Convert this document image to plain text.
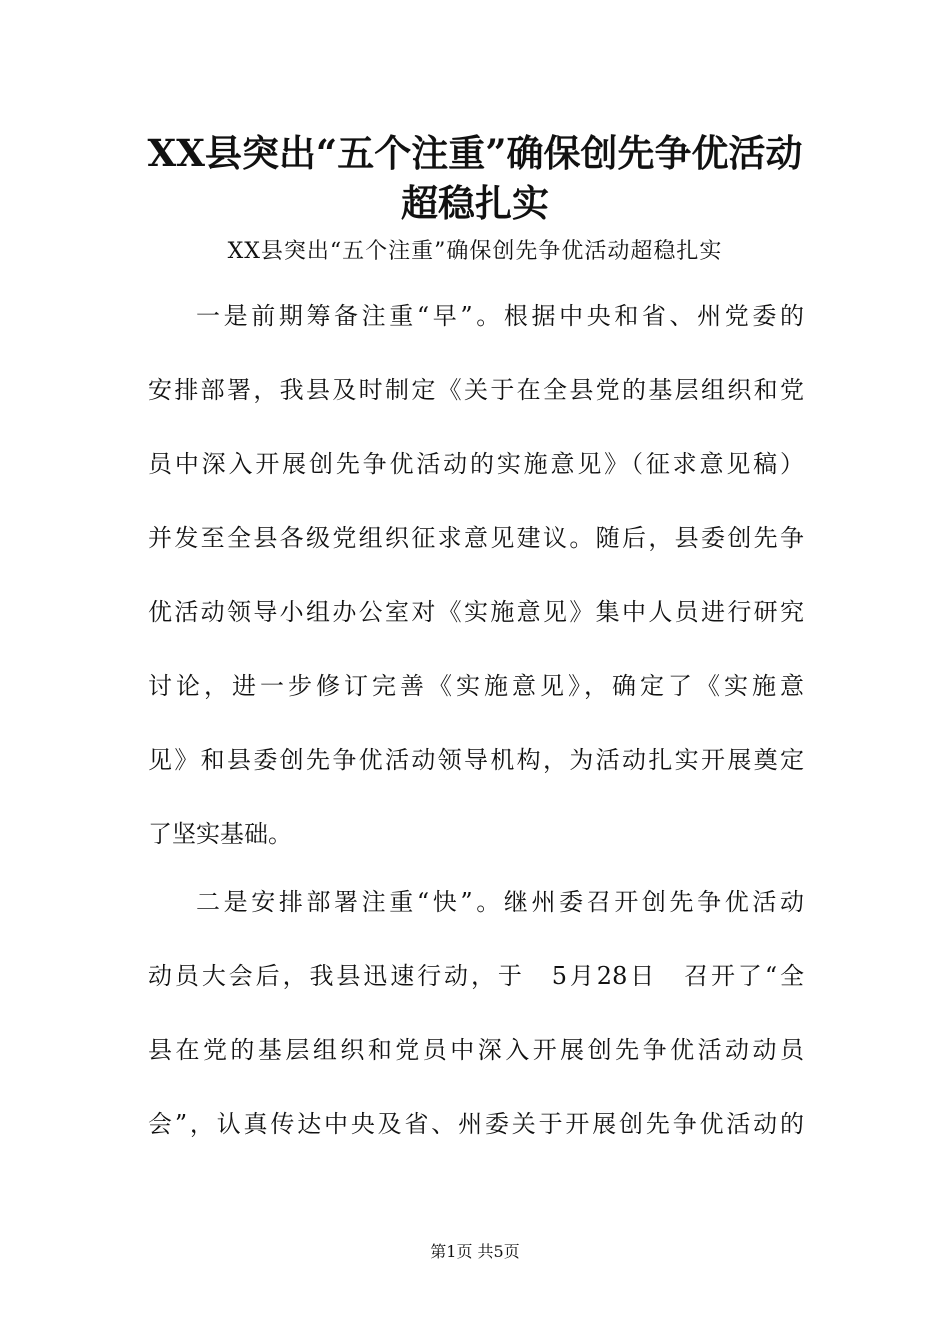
XX县突出“五个注重”确保创先争优活动
超稳扎实
XX县突出“五个注重”确保创先争优活动超稳扎实
一是前期筹备注重“早”。根据中央和省、州党委的
安排部署，我县及时制定《关于在全县党的基层组织和党
员中深入开展创先争优活动的实施意见》（征求意见稿）
并发至全县各级党组织征求意见建议。随后，县委创先争
优活动领导小组办公室对《实施意见》集中人员进行研究
讨论，进一步修订完善《实施意见》，确定了《实施意
见》和县委创先争优活动领导机构，为活动扎实开展奠定
了坚实基础。
二是安排部署注重“快”。继州委召开创先争优活动
动员大会后，我县迅速行动，于　5月28日　召开了“全
县在党的基层组织和党员中深入开展创先争优活动动员
会”，认真传达中央及省、州委关于开展创先争优活动的
第1页 共5页
